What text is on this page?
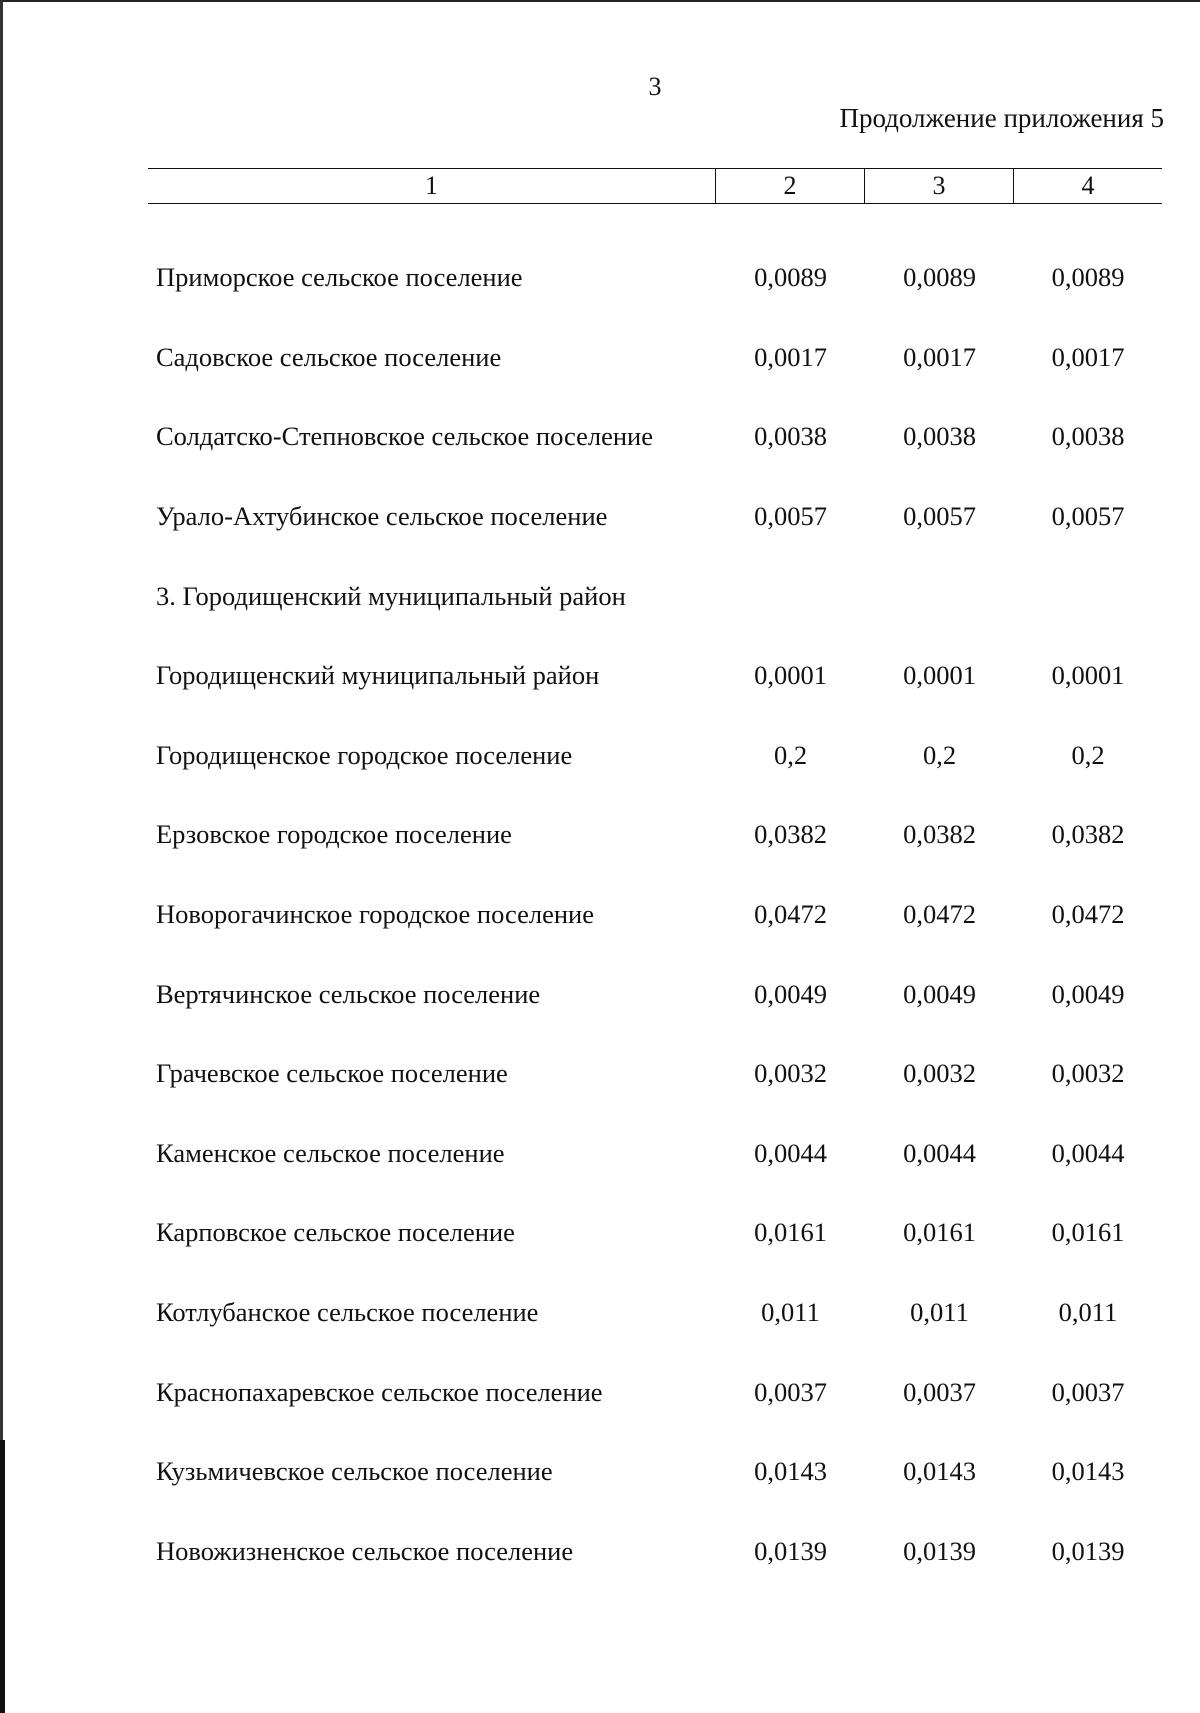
3
Продолжение приложения 5
1	2	3	4
Приморское сельское поселение	0,0089	0,0089	0,0089
Садовское сельское поселение	0,0017	0,0017	0,0017
Солдатско-Степновское сельское поселение	0,0038	0,0038	0,0038
Урало-Ахтубинское сельское поселение	0,0057	0,0057	0,0057
3. Городищенский муниципальный район
Городищенский муниципальный район	0,0001	0,0001	0,0001
Городищенское городское поселение	0,2	0,2	0,2
Ерзовское городское поселение	0,0382	0,0382	0,0382
Новорогачинское городское поселение	0,0472	0,0472	0,0472
Вертячинское сельское поселение	0,0049	0,0049	0,0049
Грачевское сельское поселение	0,0032	0,0032	0,0032
Каменское сельское поселение	0,0044	0,0044	0,0044
Карповское сельское поселение	0,0161	0,0161	0,0161
Котлубанское сельское поселение	0,011	0,011	0,011
Краснопахаревское сельское поселение	0,0037	0,0037	0,0037
Кузьмичевское сельское поселение	0,0143	0,0143	0,0143
Новожизненское сельское поселение	0,0139	0,0139	0,0139
